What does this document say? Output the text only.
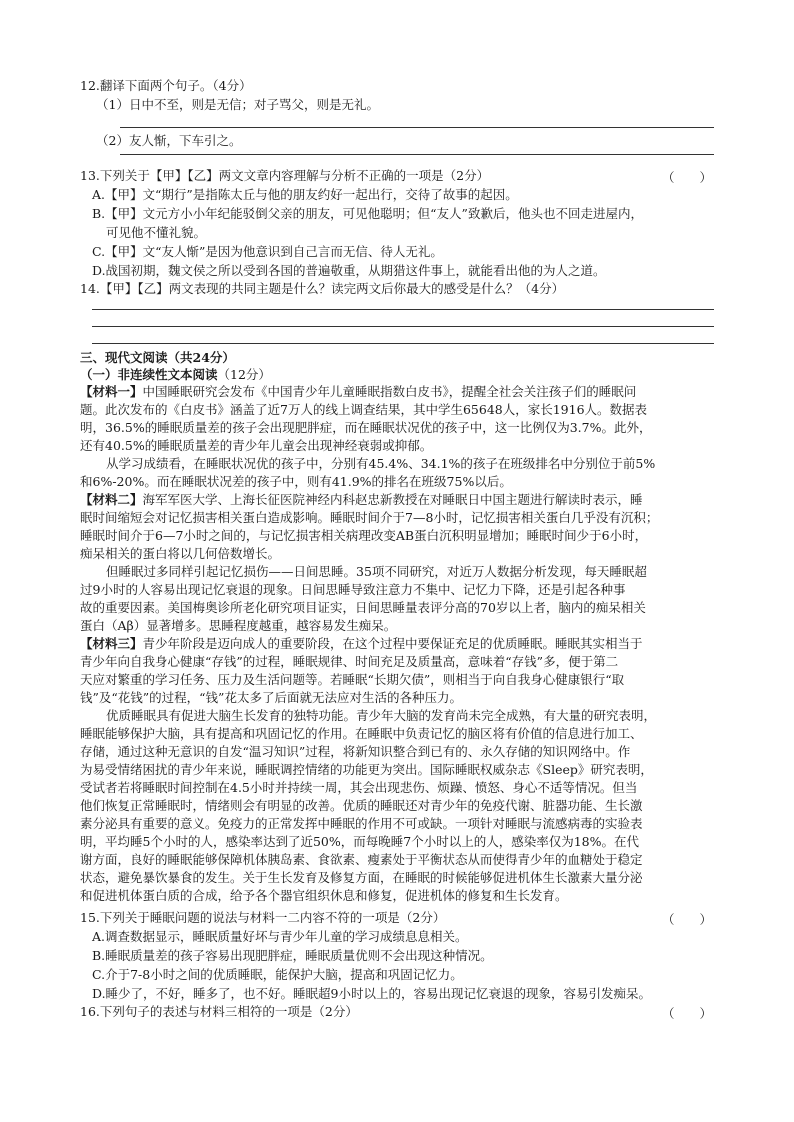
12.翻译下面两个句子。（4分）
（1）日中不至，则是无信；对子骂父，则是无礼。
（2）友人惭，下车引之。
13.下列关于【甲】【乙】两文文章内容理解与分析不正确的一项是（2分）	（　　）
A.【甲】文“期行”是指陈太丘与他的朋友约好一起出行，交待了故事的起因。
B.【甲】文元方小小年纪能驳倒父亲的朋友，可见他聪明；但“友人”致歉后，他头也不回走进屋内，
可见他不懂礼貌。
C.【甲】文“友人惭”是因为他意识到自己言而无信、待人无礼。
D.战国初期，魏文侯之所以受到各国的普遍敬重，从期猎这件事上，就能看出他的为人之道。
14.【甲】【乙】两文表现的共同主题是什么？读完两文后你最大的感受是什么？（4分）
三、现代文阅读（共24分）
（一）非连续性文本阅读（12分）
【材料一】中国睡眠研究会发布《中国青少年儿童睡眠指数白皮书》，提醒全社会关注孩子们的睡眠问
题。此次发布的《白皮书》涵盖了近7万人的线上调查结果，其中学生65648人，家长1916人。数据表
明，36.5%的睡眠质量差的孩子会出现肥胖症，而在睡眠状况优的孩子中，这一比例仅为3.7%。此外，
还有40.5%的睡眠质量差的青少年儿童会出现神经衰弱或抑郁。
从学习成绩看，在睡眠状况优的孩子中，分别有45.4%、34.1%的孩子在班级排名中分别位于前5%
和6%-20%。而在睡眠状况差的孩子中，则有41.9%的排名在班级75%以后。
【材料二】海军军医大学、上海长征医院神经内科赵忠新教授在对睡眠日中国主题进行解读时表示，睡
眠时间缩短会对记忆损害相关蛋白造成影响。睡眠时间介于7—8小时，记忆损害相关蛋白几乎没有沉积；
睡眠时间介于6—7小时之间的，与记忆损害相关病理改变AB蛋白沉积明显增加；睡眠时间少于6小时，
痴呆相关的蛋白将以几何倍数增长。
但睡眠过多同样引起记忆损伤——日间思睡。35项不同研究，对近万人数据分析发现，每天睡眠超
过9小时的人容易出现记忆衰退的现象。日间思睡导致注意力不集中、记忆力下降，还是引起各种事
故的重要因素。美国梅奥诊所老化研究项目证实，日间思睡量表评分高的70岁以上者，脑内的痴呆相关
蛋白（Aβ）显著增多。思睡程度越重，越容易发生痴呆。
【材料三】青少年阶段是迈向成人的重要阶段，在这个过程中要保证充足的优质睡眠。睡眠其实相当于
青少年向自我身心健康“存钱”的过程，睡眠规律、时间充足及质量高，意味着“存钱”多，便于第二
天应对繁重的学习任务、压力及生活问题等。若睡眠“长期欠债”，则相当于向自我身心健康银行“取
钱”及“花钱”的过程，“钱”花太多了后面就无法应对生活的各种压力。
优质睡眠具有促进大脑生长发育的独特功能。青少年大脑的发育尚未完全成熟，有大量的研究表明，
睡眠能够保护大脑，具有提高和巩固记忆的作用。在睡眠中负责记忆的脑区将有价值的信息进行加工、
存储，通过这种无意识的自发“温习知识”过程，将新知识整合到已有的、永久存储的知识网络中。作
为易受情绪困扰的青少年来说，睡眠调控情绪的功能更为突出。国际睡眠权威杂志《Sleep》研究表明，
受试者若将睡眠时间控制在4.5小时并持续一周，其会出现悲伤、烦躁、愤怒、身心不适等情况。但当
他们恢复正常睡眠时，情绪则会有明显的改善。优质的睡眠还对青少年的免疫代谢、脏器功能、生长激
素分泌具有重要的意义。免疫力的正常发挥中睡眠的作用不可或缺。一项针对睡眠与流感病毒的实验表
明，平均睡5个小时的人，感染率达到了近50%，而每晚睡7个小时以上的人，感染率仅为18%。在代
谢方面，良好的睡眠能够保障机体胰岛素、食欲素、瘦素处于平衡状态从而使得青少年的血糖处于稳定
状态，避免暴饮暴食的发生。关于生长发育及修复方面，在睡眠的时候能够促进机体生长激素大量分泌
和促进机体蛋白质的合成，给予各个器官组织休息和修复，促进机体的修复和生长发育。
15.下列关于睡眠问题的说法与材料一二内容不符的一项是（2分）	（　　）
A.调查数据显示，睡眠质量好坏与青少年儿童的学习成绩息息相关。
B.睡眠质量差的孩子容易出现肥胖症，睡眠质量优则不会出现这种情况。
C.介于7-8小时之间的优质睡眠，能保护大脑，提高和巩固记忆力。
D.睡少了，不好，睡多了，也不好。睡眠超9小时以上的，容易出现记忆衰退的现象，容易引发痴呆。
16.下列句子的表述与材料三相符的一项是（2分）	（　　）
